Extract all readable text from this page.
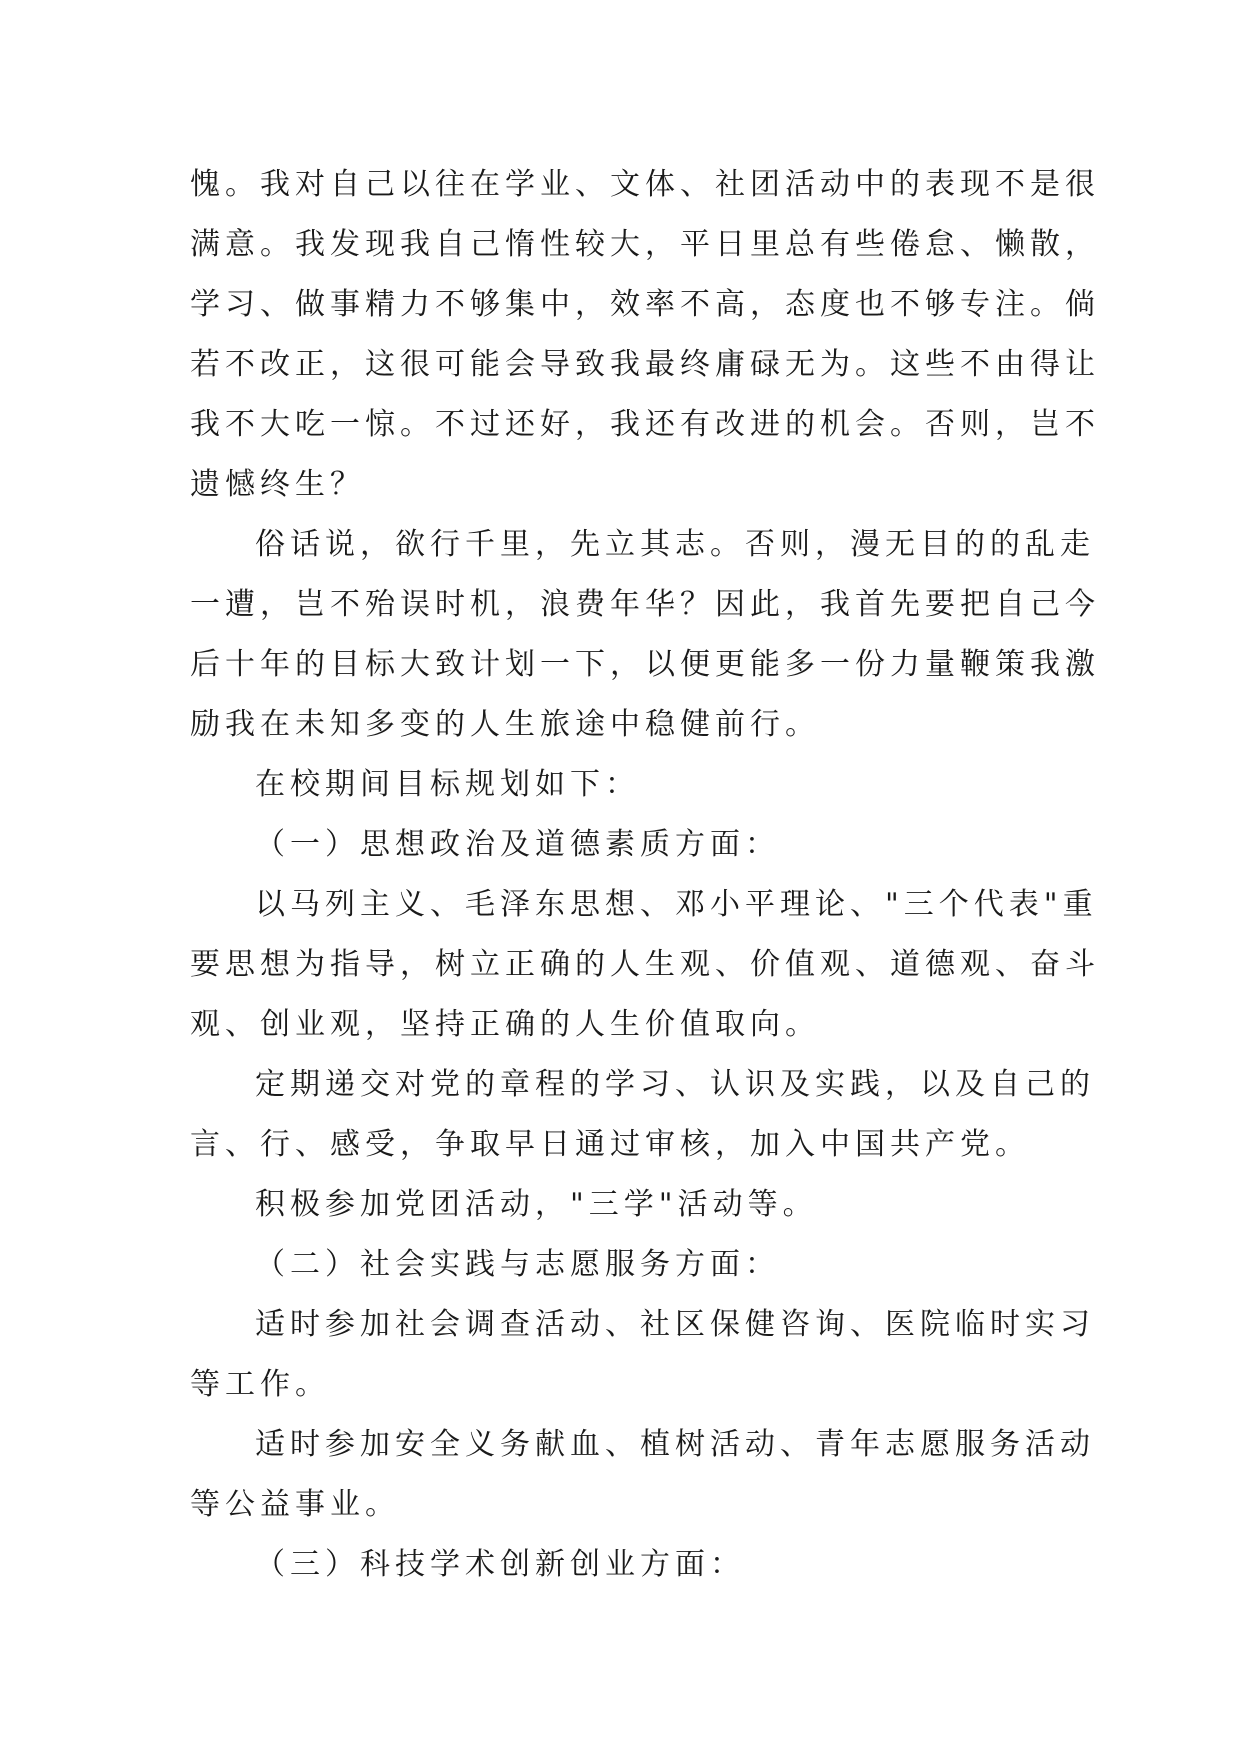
愧。我对自己以往在学业、文体、社团活动中的表现不是很
满意。我发现我自己惰性较大，平日里总有些倦怠、懒散，
学习、做事精力不够集中，效率不高，态度也不够专注。倘
若不改正，这很可能会导致我最终庸碌无为。这些不由得让
我不大吃一惊。不过还好，我还有改进的机会。否则，岂不
遗憾终生？
俗话说，欲行千里，先立其志。否则，漫无目的的乱走
一遭，岂不殆误时机，浪费年华？因此，我首先要把自己今
后十年的目标大致计划一下，以便更能多一份力量鞭策我激
励我在未知多变的人生旅途中稳健前行。
在校期间目标规划如下：
（一）思想政治及道德素质方面：
以马列主义、毛泽东思想、邓小平理论、"三个代表"重
要思想为指导，树立正确的人生观、价值观、道德观、奋斗
观、创业观，坚持正确的人生价值取向。
定期递交对党的章程的学习、认识及实践，以及自己的
言、行、感受，争取早日通过审核，加入中国共产党。
积极参加党团活动，"三学"活动等。
（二）社会实践与志愿服务方面：
适时参加社会调查活动、社区保健咨询、医院临时实习
等工作。
适时参加安全义务献血、植树活动、青年志愿服务活动
等公益事业。
（三）科技学术创新创业方面：
